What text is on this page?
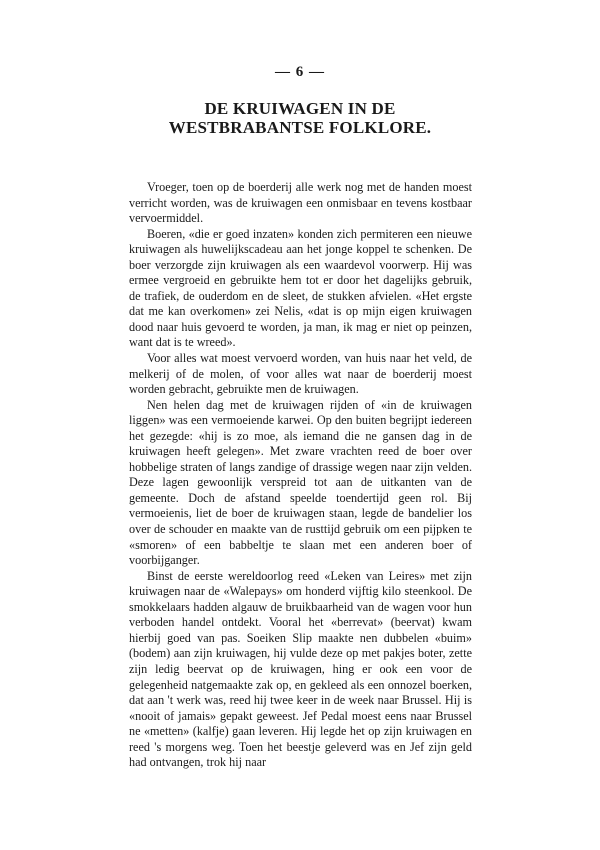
— 6 —
DE KRUIWAGEN IN DE
WESTBRABANTSE FOLKLORE.

Vroeger, toen op de boerderij alle werk nog met de handen moest verricht worden, was de kruiwagen een onmisbaar en tevens kostbaar vervoermiddel.

Boeren, «die er goed inzaten» konden zich permiteren een nieuwe kruiwagen als huwelijkscadeau aan het jonge koppel te schenken. De boer verzorgde zijn kruiwagen als een waardevol voorwerp. Hij was ermee vergroeid en gebruikte hem tot er door het dagelijks gebruik, de trafiek, de ouderdom en de sleet, de stukken afvielen. «Het ergste dat me kan overkomen» zei Nelis, «dat is op mijn eigen kruiwagen dood naar huis gevoerd te worden, ja man, ik mag er niet op peinzen, want dat is te wreed».

Voor alles wat moest vervoerd worden, van huis naar het veld, de melkerij of de molen, of voor alles wat naar de boerderij moest worden gebracht, gebruikte men de kruiwagen.

Nen helen dag met de kruiwagen rijden of «in de kruiwagen liggen» was een vermoeiende karwei. Op den buiten begrijpt iedereen het gezegde: «hij is zo moe, als iemand die ne gansen dag in de kruiwagen heeft gelegen». Met zware vrachten reed de boer over hobbelige straten of langs zandige of drassige wegen naar zijn velden. Deze lagen gewoonlijk verspreid tot aan de uitkanten van de gemeente. Doch de afstand speelde toendertijd geen rol. Bij vermoeienis, liet de boer de kruiwagen staan, legde de bandelier los over de schouder en maakte van de rusttijd gebruik om een pijpken te «smoren» of een babbeltje te slaan met een anderen boer of voorbijganger.

Binst de eerste wereldoorlog reed «Leken van Leires» met zijn kruiwagen naar de «Walepays» om honderd vijftig kilo steenkool. De smokkelaars hadden algauw de bruikbaarheid van de wagen voor hun verboden handel ontdekt. Vooral het «berrevat» (beervat) kwam hierbij goed van pas. Soeiken Slip maakte nen dubbelen «buim» (bodem) aan zijn kruiwagen, hij vulde deze op met pakjes boter, zette zijn ledig beervat op de kruiwagen, hing er ook een voor de gelegenheid natgemaakte zak op, en gekleed als een onnozel boerken, dat aan 't werk was, reed hij twee keer in de week naar Brussel. Hij is «nooit of jamais» gepakt geweest. Jef Pedal moest eens naar Brussel ne «metten» (kalfje) gaan leveren. Hij legde het op zijn kruiwagen en reed 's morgens weg. Toen het beestje geleverd was en Jef zijn geld had ontvangen, trok hij naar
